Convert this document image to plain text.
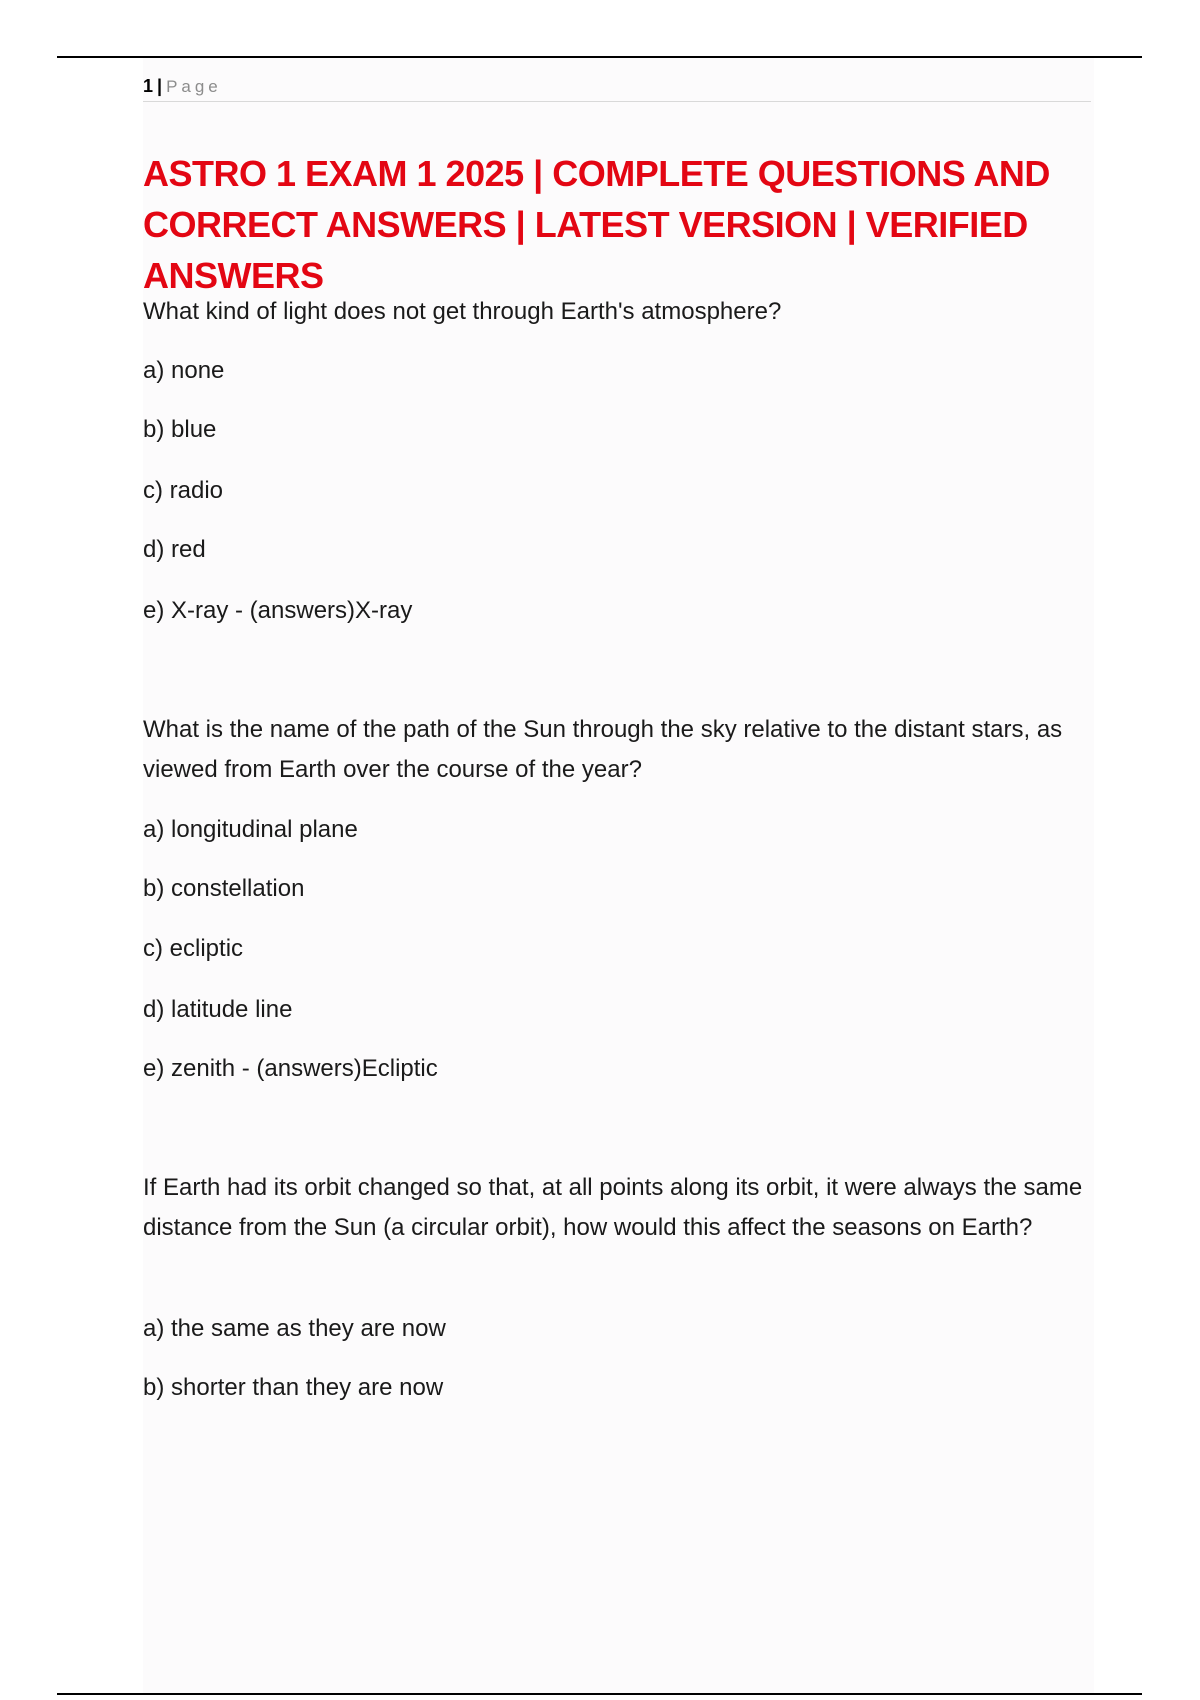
1 | Page
ASTRO 1 EXAM 1 2025 | COMPLETE QUESTIONS AND CORRECT ANSWERS | LATEST VERSION | VERIFIED ANSWERS

What kind of light does not get through Earth's atmosphere?

a) none

b) blue

c) radio

d) red

e) X-ray - (answers)X-ray

What is the name of the path of the Sun through the sky relative to the distant stars, as viewed from Earth over the course of the year?

a) longitudinal plane

b) constellation

c) ecliptic

d) latitude line

e) zenith - (answers)Ecliptic

If Earth had its orbit changed so that, at all points along its orbit, it were always the same distance from the Sun (a circular orbit), how would this affect the seasons on Earth?

a) the same as they are now

b) shorter than they are now
